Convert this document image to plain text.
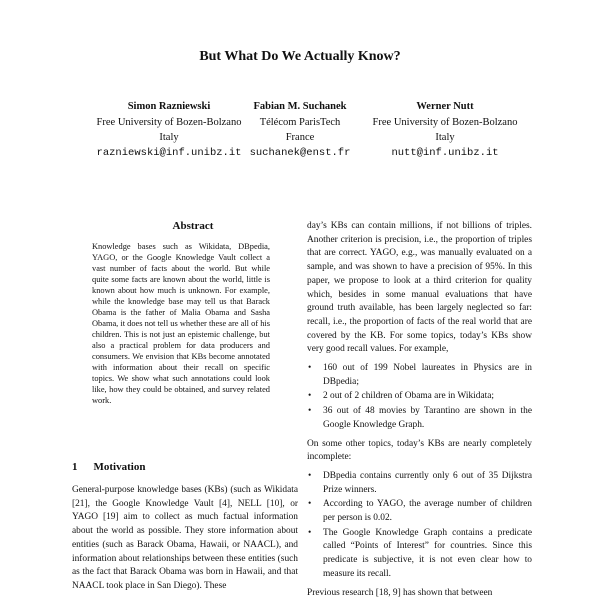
But What Do We Actually Know?
Simon Razniewski
Free University of Bozen-Bolzano
Italy
razniewski@inf.unibz.it
Fabian M. Suchanek
Télécom ParisTech
France
suchanek@enst.fr
Werner Nutt
Free University of Bozen-Bolzano
Italy
nutt@inf.unibz.it
Abstract
Knowledge bases such as Wikidata, DBpedia, YAGO, or the Google Knowledge Vault collect a vast number of facts about the world. But while quite some facts are known about the world, little is known about how much is unknown. For example, while the knowledge base may tell us that Barack Obama is the father of Malia Obama and Sasha Obama, it does not tell us whether these are all of his children. This is not just an epistemic challenge, but also a practical problem for data producers and consumers. We envision that KBs become annotated with information about their recall on specific topics. We show what such annotations could look like, how they could be obtained, and survey related work.
1 Motivation
General-purpose knowledge bases (KBs) (such as Wikidata [21], the Google Knowledge Vault [4], NELL [10], or YAGO [19] aim to collect as much factual information about the world as possible. They store information about entities (such as Barack Obama, Hawaii, or NAACL), and information about relationships between these entities (such as the fact that Barack Obama was born in Hawaii, and that NAACL took place in San Diego). These

day’s KBs can contain millions, if not billions of triples. Another criterion is precision, i.e., the proportion of triples that are correct. YAGO, e.g., was manually evaluated on a sample, and was shown to have a precision of 95%. In this paper, we propose to look at a third criterion for quality which, besides in some manual evaluations that have ground truth available, has been largely neglected so far: recall, i.e., the proportion of facts of the real world that are covered by the KB. For some topics, today’s KBs show very good recall values. For example,

• 160 out of 199 Nobel laureates in Physics are in DBpedia;
• 2 out of 2 children of Obama are in Wikidata;
• 36 out of 48 movies by Tarantino are shown in the Google Knowledge Graph.

On some other topics, today’s KBs are nearly completely incomplete:

• DBpedia contains currently only 6 out of 35 Dijkstra Prize winners.
• According to YAGO, the average number of children per person is 0.02.
• The Google Knowledge Graph contains a predicate called “Points of Interest” for countries. Since this predicate is subjective, it is not even clear how to measure its recall.

Previous research [18, 9] has shown that between
